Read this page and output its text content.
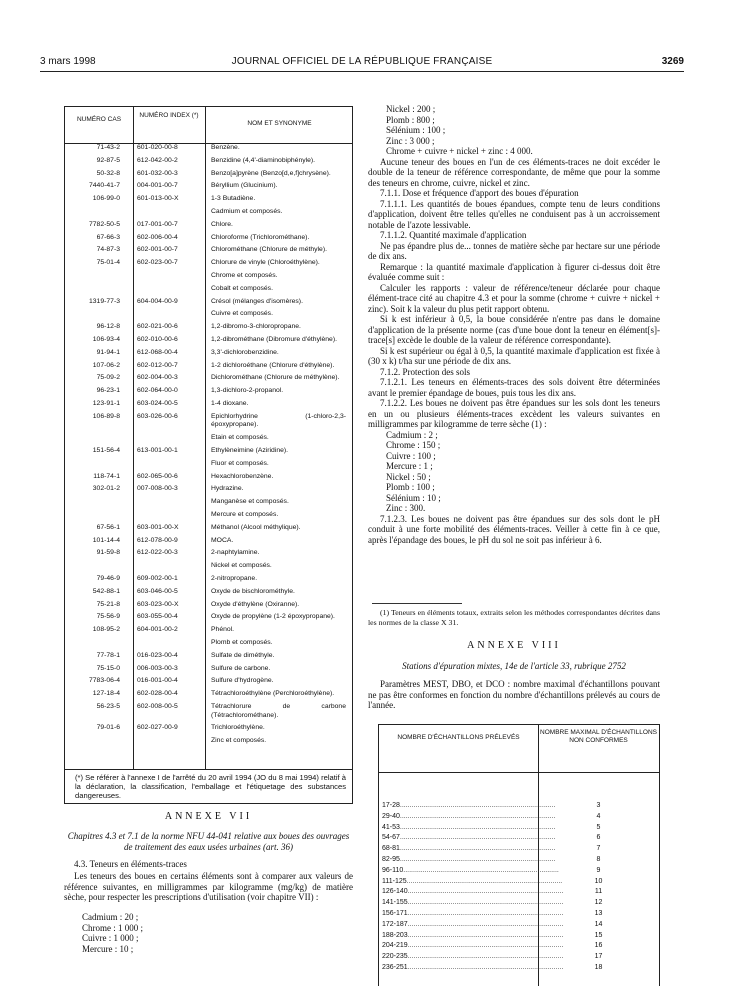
3 mars 1998	JOURNAL OFFICIEL DE LA RÉPUBLIQUE FRANÇAISE	3269
NUMÉRO CAS
NUMÉRO INDEX (*)
NOM ET SYNONYME
71-43-2	601-020-00-8	Benzène.
92-87-5	612-042-00-2	Benzidine (4,4'-diaminobiphényle).
50-32-8	601-032-00-3	Benzo[a]pyrène (Benzo[d,e,f]chrysène).
7440-41-7	004-001-00-7	Béryllium (Glucinium).
106-99-0	601-013-00-X	1-3 Butadiène.
Cadmium et composés.
7782-50-5	017-001-00-7	Chlore.
67-66-3	602-006-00-4	Chloroforme (Trichlorométhane).
74-87-3	602-001-00-7	Chlorométhane (Chlorure de méthyle).
75-01-4	602-023-00-7	Chlorure de vinyle (Chloroéthylène).
Chrome et composés.
Cobalt et composés.
1319-77-3	604-004-00-9	Crésol (mélanges d'isomères).
Cuivre et composés.
96-12-8	602-021-00-6	1,2-dibromo-3-chloropropane.
106-93-4	602-010-00-6	1,2-dibrométhane (Dibromure d'éthylène).
91-94-1	612-068-00-4	3,3'-dichlorobenzidine.
107-06-2	602-012-00-7	1-2 dichloroéthane (Chlorure d'éthylène).
75-09-2	602-004-00-3	Dichlorométhane (Chlorure de méthylène).
96-23-1	602-064-00-0	1,3-dichloro-2-propanol.
123-91-1	603-024-00-5	1-4 dioxane.
106-89-8	603-026-00-6	Epichlorhydrine (1-chloro-2,3-époxypropane).
Etain et composés.
151-56-4	613-001-00-1	Ethylèneimine (Aziridine).
Fluor et composés.
118-74-1	602-065-00-6	Hexachlorobenzène.
302-01-2	007-008-00-3	Hydrazine.
Manganèse et composés.
Mercure et composés.
67-56-1	603-001-00-X	Méthanol (Alcool méthylique).
101-14-4	612-078-00-9	MOCA.
91-59-8	612-022-00-3	2-naphtylamine.
Nickel et composés.
79-46-9	609-002-00-1	2-nitropropane.
542-88-1	603-046-00-5	Oxyde de bischlorométhyle.
75-21-8	603-023-00-X	Oxyde d'éthylène (Oxiranne).
75-56-9	603-055-00-4	Oxyde de propylène (1-2 époxypropane).
108-95-2	604-001-00-2	Phénol.
Plomb et composés.
77-78-1	016-023-00-4	Sulfate de diméthyle.
75-15-0	006-003-00-3	Sulfure de carbone.
7783-06-4	016-001-00-4	Sulfure d'hydrogène.
127-18-4	602-028-00-4	Tétrachloroéthylène (Perchloroéthylène).
56-23-5	602-008-00-5	Tétrachlorure de carbone (Tétrachlorométhane).
79-01-6	602-027-00-9	Trichloroéthylène.
Zinc et composés.
(*) Se référer à l'annexe I de l'arrêté du 20 avril 1994 (JO du 8 mai 1994) relatif à la déclaration, la classification, l'emballage et l'étiquetage des substances dangereuses.
ANNEXE VII
Chapitres 4.3 et 7.1 de la norme NFU 44-041 relative aux boues des ouvrages de traitement des eaux usées urbaines (art. 36)
4.3. Teneurs en éléments-traces
Les teneurs des boues en certains éléments sont à comparer aux valeurs de référence suivantes, en milligrammes par kilogramme (mg/kg) de matière sèche, pour respecter les prescriptions d'utilisation (voir chapitre VII) :
Cadmium : 20 ;
Chrome : 1 000 ;
Cuivre : 1 000 ;
Mercure : 10 ;
Nickel : 200 ;
Plomb : 800 ;
Sélénium : 100 ;
Zinc : 3 000 ;
Chrome + cuivre + nickel + zinc : 4 000.

Aucune teneur des boues en l'un de ces éléments-traces ne doit excéder le double de la teneur de référence correspondante, de même que pour la somme des teneurs en chrome, cuivre, nickel et zinc.

7.1.1. Dose et fréquence d'apport des boues d'épuration

7.1.1.1. Les quantités de boues épandues, compte tenu de leurs conditions d'application, doivent être telles qu'elles ne conduisent pas à un accroissement notable de l'azote lessivable.

7.1.1.2. Quantité maximale d'application

Ne pas épandre plus de... tonnes de matière sèche par hectare sur une période de dix ans.

Remarque : la quantité maximale d'application à figurer ci-dessus doit être évaluée comme suit :

Calculer les rapports : valeur de référence/teneur déclarée pour chaque élément-trace cité au chapitre 4.3 et pour la somme (chrome + cuivre + nickel + zinc). Soit k la valeur du plus petit rapport obtenu.

Si k est inférieur à 0,5, la boue considérée n'entre pas dans le domaine d'application de la présente norme (cas d'une boue dont la teneur en élément[s]-trace[s] excède le double de la valeur de référence correspondante).

Si k est supérieur ou égal à 0,5, la quantité maximale d'application est fixée à (30 x k) t/ha sur une période de dix ans.

7.1.2. Protection des sols

7.1.2.1. Les teneurs en éléments-traces des sols doivent être déterminées avant le premier épandage de boues, puis tous les dix ans.

7.1.2.2. Les boues ne doivent pas être épandues sur les sols dont les teneurs en un ou plusieurs éléments-traces excèdent les valeurs suivantes en milligrammes par kilogramme de terre sèche (1) :

Cadmium : 2 ;
Chrome : 150 ;
Cuivre : 100 ;
Mercure : 1 ;
Nickel : 50 ;
Plomb : 100 ;
Sélénium : 10 ;
Zinc : 300.

7.1.2.3. Les boues ne doivent pas être épandues sur des sols dont le pH conduit à une forte mobilité des éléments-traces. Veiller à cette fin à ce que, après l'épandage des boues, le pH du sol ne soit pas inférieur à 6.

(1) Teneurs en éléments totaux, extraits selon les méthodes correspondantes décrites dans les normes de la classe X 31.
ANNEXE VIII
Stations d'épuration mixtes, 14e de l'article 33, rubrique 2752
Paramètres MEST, DBO, et DCO : nombre maximal d'échantillons pouvant ne pas être conformes en fonction du nombre d'échantillons prélevés au cours de l'année.
NOMBRE D'ÉCHANTILLONS PRÉLEVÉS
NOMBRE MAXIMAL D'ÉCHANTILLONS NON CONFORMES
17-28................................................................................	3
29-40................................................................................	4
41-53................................................................................	5
54-67................................................................................	6
68-81................................................................................	7
82-95................................................................................	8
96-110................................................................................	9
111-125................................................................................	10
126-140................................................................................	11
141-155................................................................................	12
156-171................................................................................	13
172-187................................................................................	14
188-203................................................................................	15
204-219................................................................................	16
220-235................................................................................	17
236-251................................................................................	18
